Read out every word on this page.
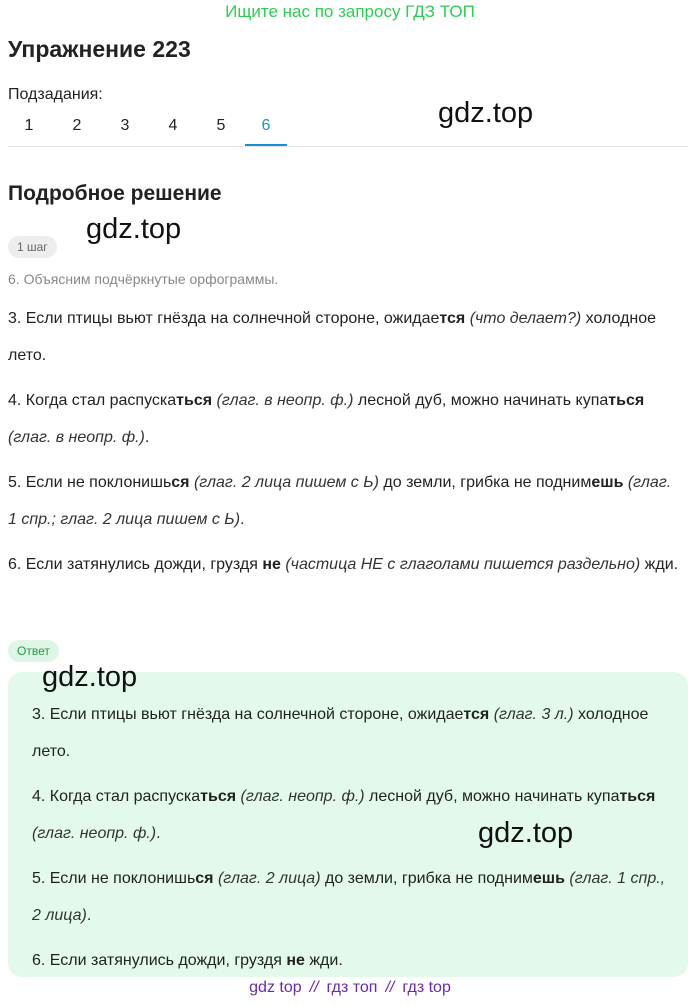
Ищите нас по запросу ГДЗ ТОП
Упражнение 223
Подзадания:
1	2	3	4	5	6	gdz.top
Подробное решение
gdz.top
1 шаг
6. Объясним подчёркнутые орфограммы.

3. Если птицы вьют гнёзда на солнечной стороне, ожидается (что делает?) холодное лето.

4. Когда стал распускаться (глаг. в неопр. ф.) лесной дуб, можно начинать купаться (глаг. в неопр. ф.).

5. Если не поклонишься (глаг. 2 лица пишем с Ь) до земли, грибка не поднимешь (глаг. 1 спр.; глаг. 2 лица пишем с Ь).

6. Если затянулись дожди, груздя не (частица НЕ с глаголами пишется раздельно) жди.

Ответ

3. Если птицы вьют гнёзда на солнечной стороне, ожидается (глаг. 3 л.) холодное лето.

4. Когда стал распускаться (глаг. неопр. ф.) лесной дуб, можно начинать купаться (глаг. неопр. ф.).

5. Если не поклонишься (глаг. 2 лица) до земли, грибка не поднимешь (глаг. 1 спр., 2 лица).

6. Если затянулись дожди, груздя не жди.

gdz.top
gdz.top
gdz top // гдз топ // гдз top
